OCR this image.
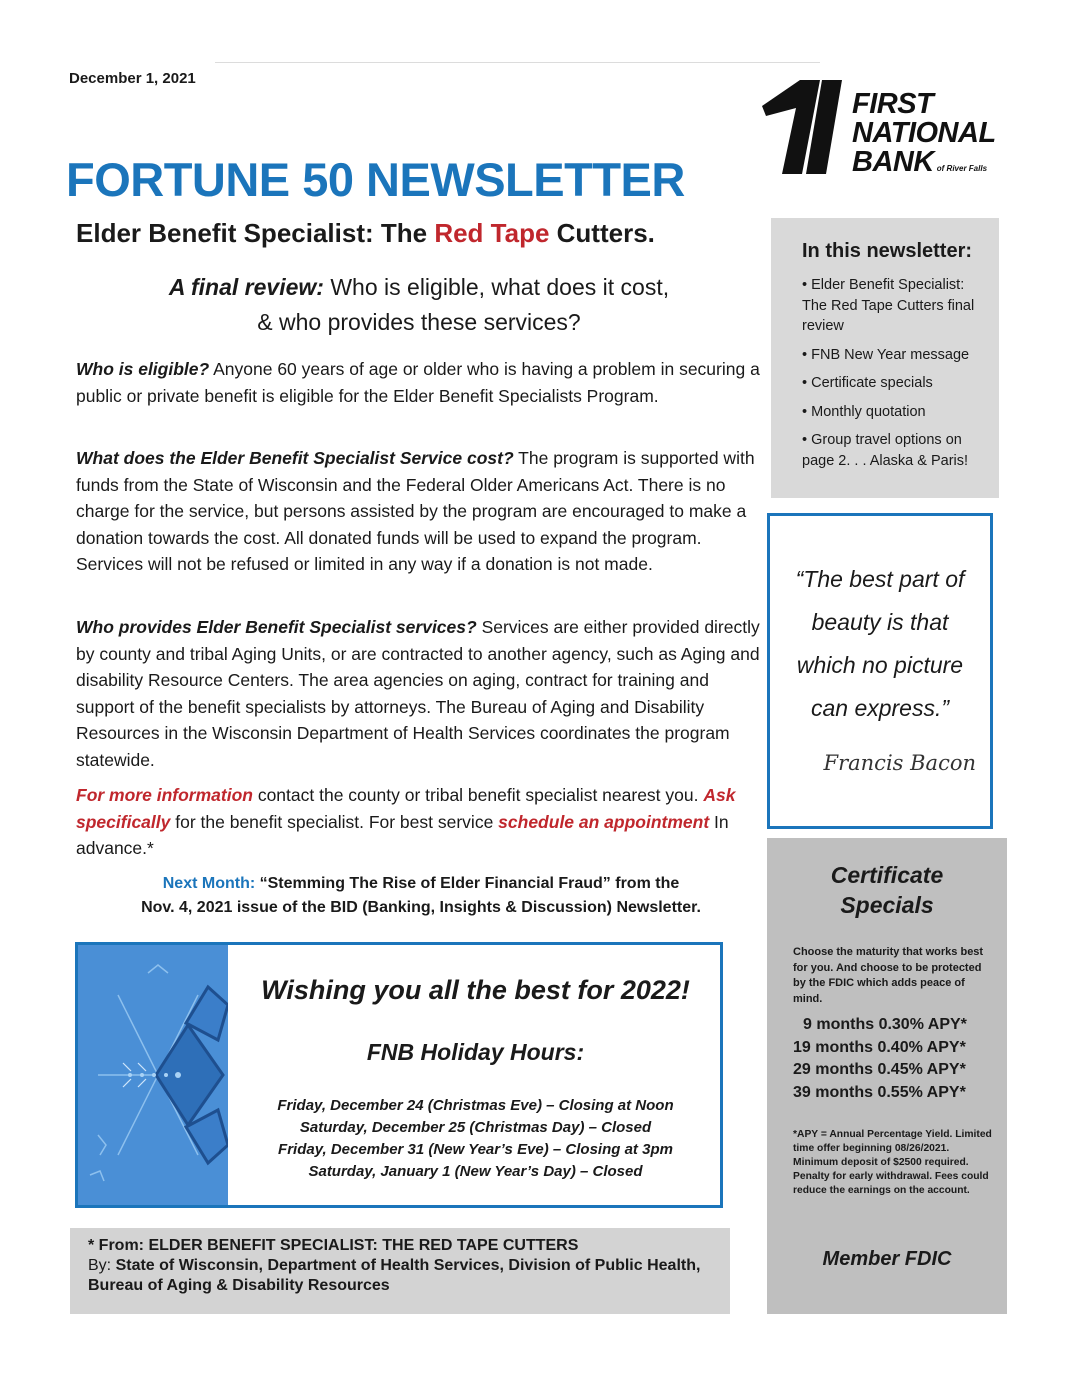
December 1, 2021
FIRST
NATIONAL
BANK of River Falls
FORTUNE 50 NEWSLETTER
Elder Benefit Specialist: The Red Tape Cutters.
A final review: Who is eligible, what does it cost,
& who provides these services?
Who is eligible? Anyone 60 years of age or older who is having a problem in securing a public or private benefit is eligible for the Elder Benefit Specialists Program.
What does the Elder Benefit Specialist Service cost? The program is supported with funds from the State of Wisconsin and the Federal Older Americans Act. There is no charge for the service, but persons assisted by the program are encouraged to make a donation towards the cost. All donated funds will be used to expand the program. Services will not be refused or limited in any way if a donation is not made.
Who provides Elder Benefit Specialist services? Services are either provided directly by county and tribal Aging Units, or are contracted to another agency, such as Aging and disability Resource Centers. The area agencies on aging, contract for training and support of the benefit specialists by attorneys. The Bureau of Aging and Disability Resources in the Wisconsin Department of Health Services coordinates the program statewide.
For more information contact the county or tribal benefit specialist nearest you. Ask specifically for the benefit specialist. For best service schedule an appointment In advance.*
Next Month: “Stemming The Rise of Elder Financial Fraud” from the
Nov. 4, 2021 issue of the BID (Banking, Insights & Discussion) Newsletter.
Wishing you all the best for 2022!
FNB Holiday Hours:
Friday, December 24 (Christmas Eve) – Closing at Noon
Saturday, December 25 (Christmas Day) – Closed
Friday, December 31 (New Year’s Eve) – Closing at 3pm
Saturday, January 1 (New Year’s Day) – Closed
* From: ELDER BENEFIT SPECIALIST: THE RED TAPE CUTTERS
By: State of Wisconsin, Department of Health Services, Division of Public Health, Bureau of Aging & Disability Resources
In this newsletter:
• Elder Benefit Specialist: The Red Tape Cutters final review
• FNB New Year message
• Certificate specials
• Monthly quotation
• Group travel options on page 2. . . Alaska & Paris!
“The best part of
beauty is that
which no picture
can express.”
Francis Bacon
Certificate
Specials
Choose the maturity that works best for you. And choose to be protected by the FDIC which adds peace of mind.
9 months 0.30% APY*
19 months 0.40% APY*
29 months 0.45% APY*
39 months 0.55% APY*
*APY = Annual Percentage Yield. Limited time offer beginning 08/26/2021. Minimum deposit of $2500 required. Penalty for early withdrawal. Fees could reduce the earnings on the account.
Member FDIC
